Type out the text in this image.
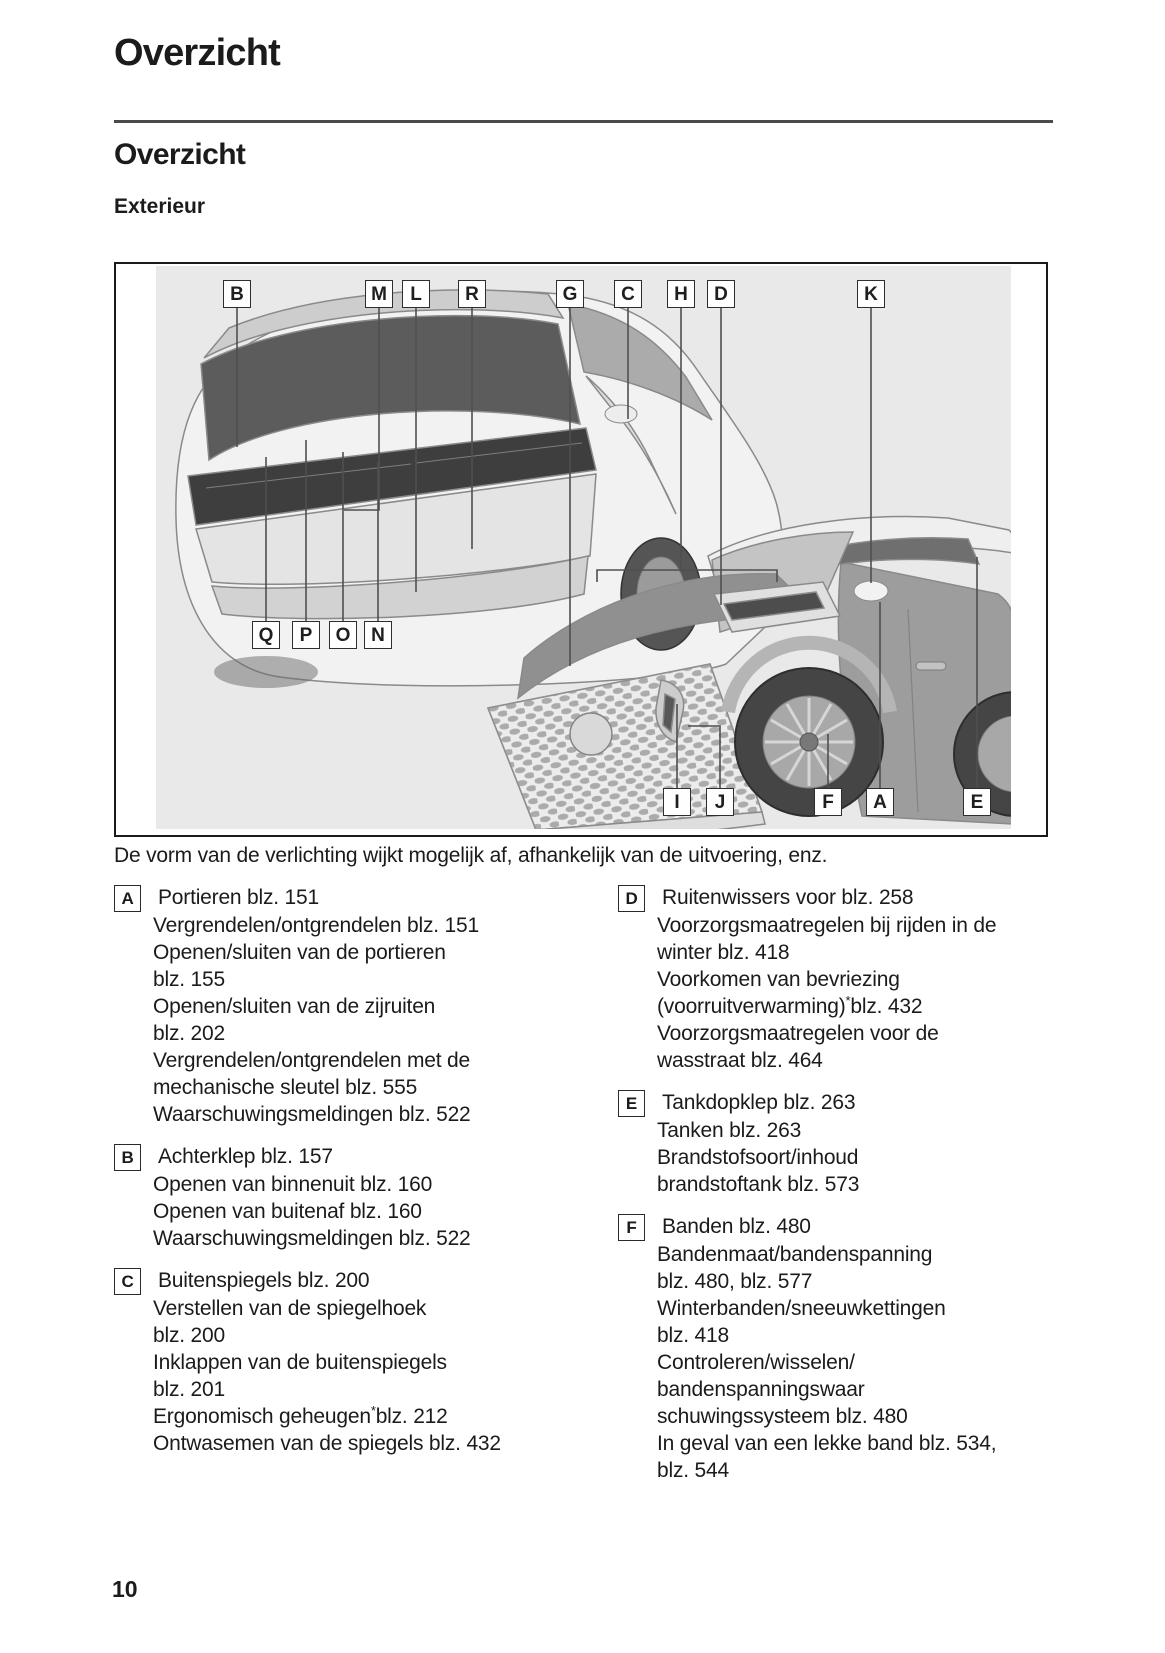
Overzicht
Overzicht
Exterieur
B	M	L	R	G	C	H	D	K
Q	P	O	N
I	J	F	A	E

De vorm van de verlichting wijkt mogelijk af, afhankelijk van de uitvoering, enz.

A	Portieren blz. 151
Vergrendelen/ontgrendelen blz. 151
Openen/sluiten van de portieren
blz. 155
Openen/sluiten van de zijruiten
blz. 202
Vergrendelen/ontgrendelen met de
mechanische sleutel blz. 555
Waarschuwingsmeldingen blz. 522
B	Achterklep blz. 157
Openen van binnenuit blz. 160
Openen van buitenaf blz. 160
Waarschuwingsmeldingen blz. 522
C	Buitenspiegels blz. 200
Verstellen van de spiegelhoek
blz. 200
Inklappen van de buitenspiegels
blz. 201
Ergonomisch geheugen*blz. 212
Ontwasemen van de spiegels blz. 432
D	Ruitenwissers voor blz. 258
Voorzorgsmaatregelen bij rijden in de
winter blz. 418
Voorkomen van bevriezing
(voorruitverwarming)*blz. 432
Voorzorgsmaatregelen voor de
wasstraat blz. 464
E	Tankdopklep blz. 263
Tanken blz. 263
Brandstofsoort/inhoud
brandstoftank blz. 573
F	Banden blz. 480
Bandenmaat/bandenspanning
blz. 480, blz. 577
Winterbanden/sneeuwkettingen
blz. 418
Controleren/wisselen/
bandenspanningswaar
schuwingssysteem blz. 480
In geval van een lekke band blz. 534,
blz. 544
10
